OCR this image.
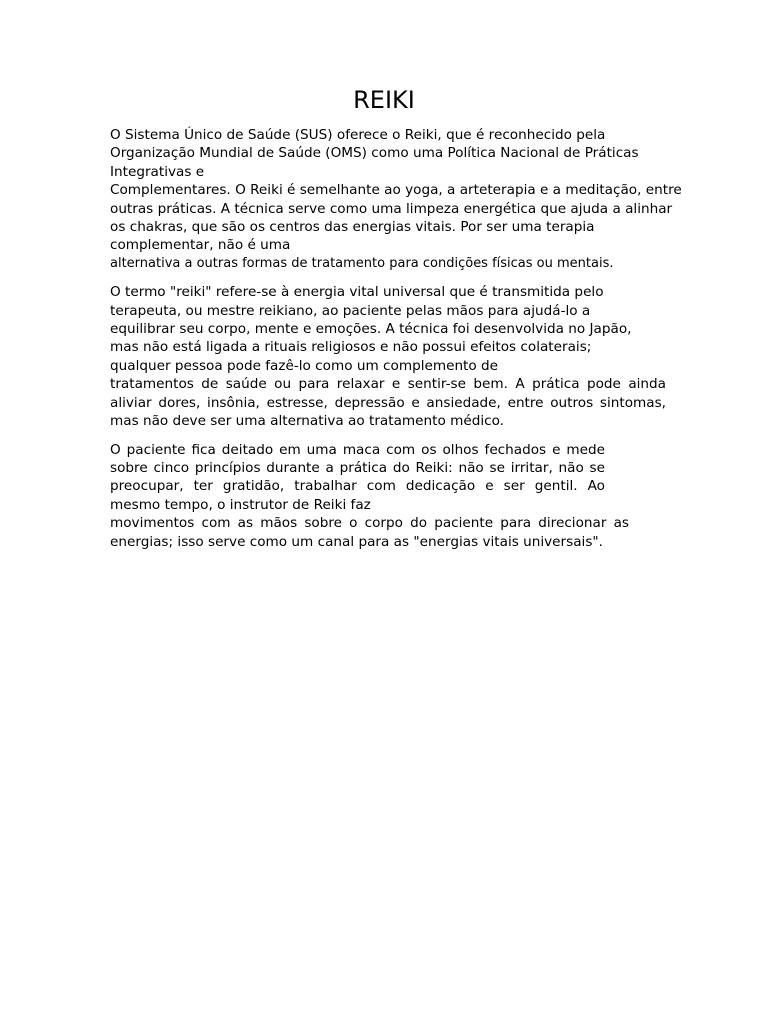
REIKI
O Sistema Único de Saúde (SUS) oferece o Reiki, que é reconhecido pela
Organização Mundial de Saúde (OMS) como uma Política Nacional de Práticas
Integrativas e
Complementares. O Reiki é semelhante ao yoga, a arteterapia e a meditação, entre
outras práticas. A técnica serve como uma limpeza energética que ajuda a alinhar
os chakras, que são os centros das energias vitais. Por ser uma terapia
complementar, não é uma
alternativa a outras formas de tratamento para condições físicas ou mentais.
O termo "reiki" refere-se à energia vital universal que é transmitida pelo
terapeuta, ou mestre reikiano, ao paciente pelas mãos para ajudá-lo a
equilibrar seu corpo, mente e emoções. A técnica foi desenvolvida no Japão,
mas não está ligada a rituais religiosos e não possui efeitos colaterais;
qualquer pessoa pode fazê-lo como um complemento de
tratamentos de saúde ou para relaxar e sentir-se bem. A prática pode ainda
aliviar dores, insônia, estresse, depressão e ansiedade, entre outros sintomas,
mas não deve ser uma alternativa ao tratamento médico.
O paciente fica deitado em uma maca com os olhos fechados e mede
sobre cinco princípios durante a prática do Reiki: não se irritar, não se
preocupar, ter gratidão, trabalhar com dedicação e ser gentil. Ao
mesmo tempo, o instrutor de Reiki faz
movimentos com as mãos sobre o corpo do paciente para direcionar as
energias; isso serve como um canal para as "energias vitais universais".
